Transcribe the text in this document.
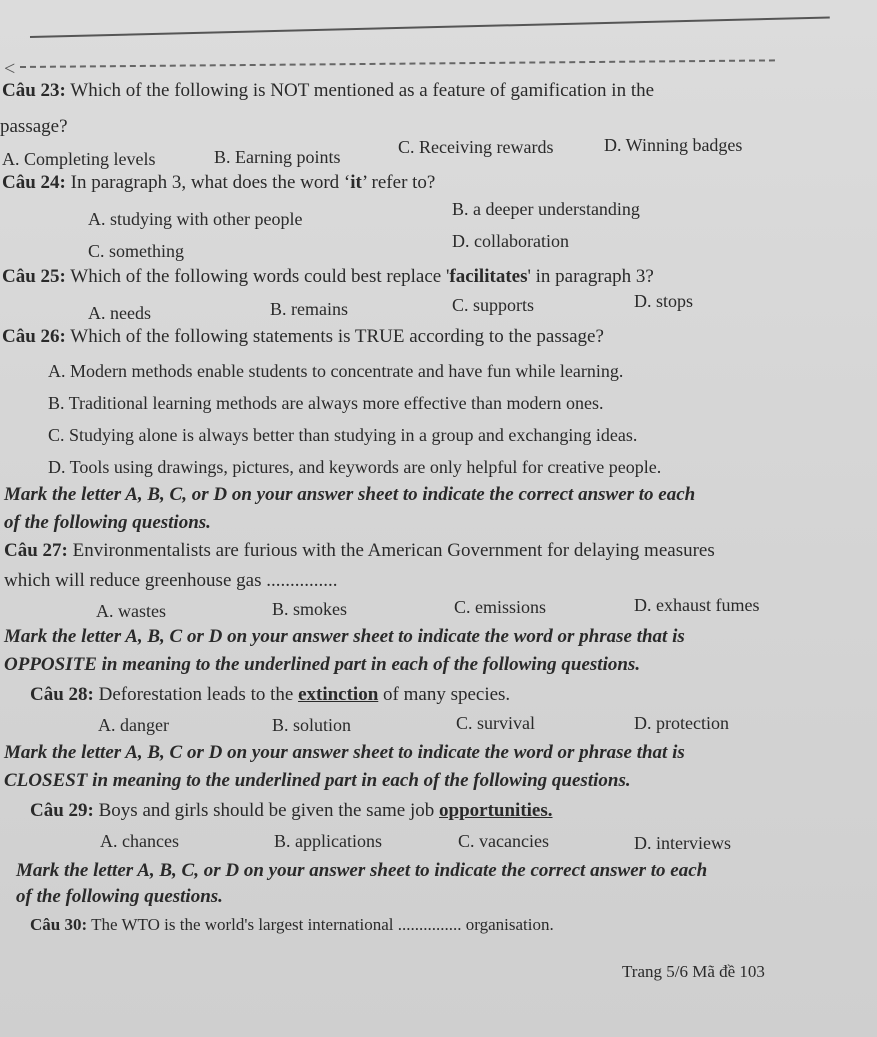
<
Câu 23: Which of the following is NOT mentioned as a feature of gamification in the
passage?
A. Completing levels	B. Earning points	C. Receiving rewards	D. Winning badges
Câu 24: In paragraph 3, what does the word ‘it’ refer to?
A. studying with other people	B. a deeper understanding
C. something	D. collaboration
Câu 25: Which of the following words could best replace 'facilitates' in paragraph 3?
A. needs	B. remains	C. supports	D. stops
Câu 26: Which of the following statements is TRUE according to the passage?
A. Modern methods enable students to concentrate and have fun while learning.
B. Traditional learning methods are always more effective than modern ones.
C. Studying alone is always better than studying in a group and exchanging ideas.
D. Tools using drawings, pictures, and keywords are only helpful for creative people.
Mark the letter A, B, C, or D on your answer sheet to indicate the correct answer to each
of the following questions.
Câu 27: Environmentalists are furious with the American Government for delaying measures
which will reduce greenhouse gas ...............
A. wastes	B. smokes	C. emissions	D. exhaust fumes
Mark the letter A, B, C or D on your answer sheet to indicate the word or phrase that is
OPPOSITE in meaning to the underlined part in each of the following questions.
Câu 28: Deforestation leads to the extinction of many species.
A. danger	B. solution	C. survival	D. protection
Mark the letter A, B, C or D on your answer sheet to indicate the word or phrase that is
CLOSEST in meaning to the underlined part in each of the following questions.
Câu 29: Boys and girls should be given the same job opportunities.
A. chances	B. applications	C. vacancies	D. interviews
Mark the letter A, B, C, or D on your answer sheet to indicate the correct answer to each
of the following questions.
Câu 30: The WTO is the world's largest international ............... organisation.
Trang 5/6 Mã đề 103
